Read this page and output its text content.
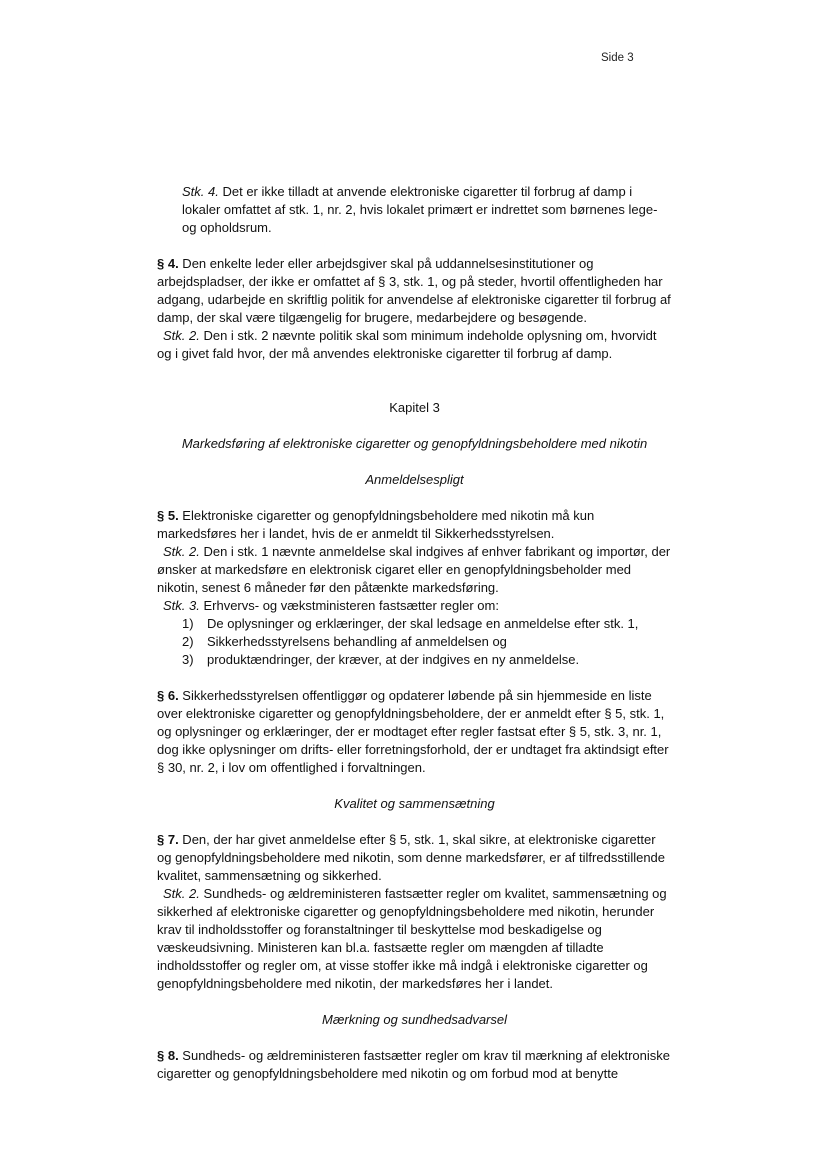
Side 3

Stk. 4. Det er ikke tilladt at anvende elektroniske cigaretter til forbrug af damp i lokaler omfattet af stk. 1, nr. 2, hvis lokalet primært er indrettet som børnenes lege- og opholdsrum.

§ 4. Den enkelte leder eller arbejdsgiver skal på uddannelsesinstitutioner og arbejdspladser, der ikke er omfattet af § 3, stk. 1, og på steder, hvortil offentligheden har adgang, udarbejde en skriftlig politik for anvendelse af elektroniske cigaretter til forbrug af damp, der skal være tilgængelig for brugere, medarbejdere og besøgende.

Stk. 2. Den i stk. 2 nævnte politik skal som minimum indeholde oplysning om, hvorvidt og i givet fald hvor, der må anvendes elektroniske cigaretter til forbrug af damp.

Kapitel 3

Markedsføring af elektroniske cigaretter og genopfyldningsbeholdere med nikotin

Anmeldelsespligt

§ 5. Elektroniske cigaretter og genopfyldningsbeholdere med nikotin må kun markedsføres her i landet, hvis de er anmeldt til Sikkerhedsstyrelsen.

Stk. 2. Den i stk. 1 nævnte anmeldelse skal indgives af enhver fabrikant og importør, der ønsker at markedsføre en elektronisk cigaret eller en genopfyldningsbeholder med nikotin, senest 6 måneder før den påtænkte markedsføring.

Stk. 3. Erhvervs- og vækstministeren fastsætter regler om:

1)	De oplysninger og erklæringer, der skal ledsage en anmeldelse efter stk. 1,
2)	Sikkerhedsstyrelsens behandling af anmeldelsen og
3)	produktændringer, der kræver, at der indgives en ny anmeldelse.

§ 6. Sikkerhedsstyrelsen offentliggør og opdaterer løbende på sin hjemmeside en liste over elektroniske cigaretter og genopfyldningsbeholdere, der er anmeldt efter § 5, stk. 1, og oplysninger og erklæringer, der er modtaget efter regler fastsat efter § 5, stk. 3, nr. 1, dog ikke oplysninger om drifts- eller forretningsforhold, der er undtaget fra aktindsigt efter § 30, nr. 2, i lov om offentlighed i forvaltningen.

Kvalitet og sammensætning

§ 7. Den, der har givet anmeldelse efter § 5, stk. 1, skal sikre, at elektroniske cigaretter og genopfyldningsbeholdere med nikotin, som denne markedsfører, er af tilfredsstillende kvalitet, sammensætning og sikkerhed.

Stk. 2. Sundheds- og ældreministeren fastsætter regler om kvalitet, sammensætning og sikkerhed af elektroniske cigaretter og genopfyldningsbeholdere med nikotin, herunder krav til indholdsstoffer og foranstaltninger til beskyttelse mod beskadigelse og væskeudsivning. Ministeren kan bl.a. fastsætte regler om mængden af tilladte indholdsstoffer og regler om, at visse stoffer ikke må indgå i elektroniske cigaretter og genopfyldningsbeholdere med nikotin, der markedsføres her i landet.

Mærkning og sundhedsadvarsel

§ 8. Sundheds- og ældreministeren fastsætter regler om krav til mærkning af elektroniske cigaretter og genopfyldningsbeholdere med nikotin og om forbud mod at benytte
